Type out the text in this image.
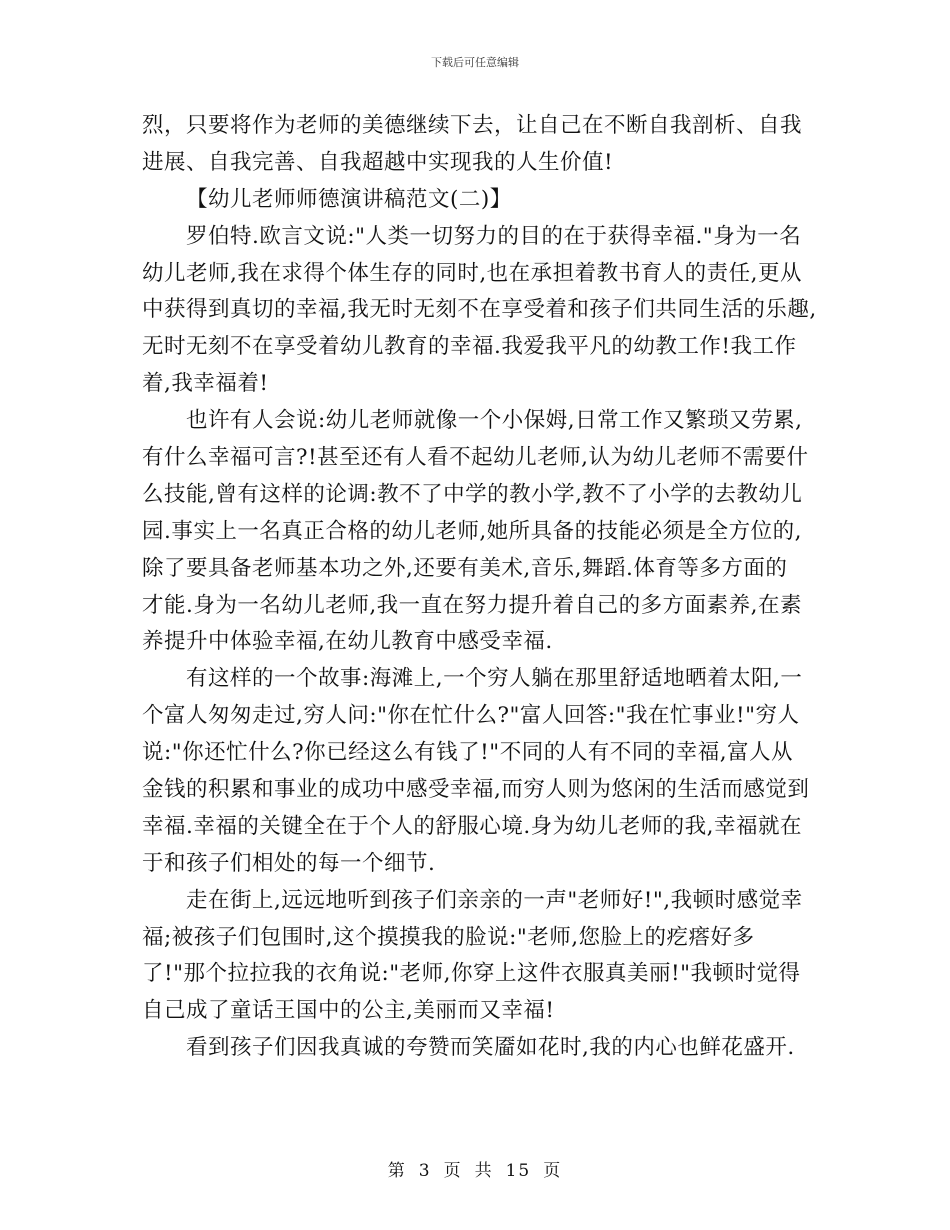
下载后可任意编辑
烈，只要将作为老师的美德继续下去，让自己在不断自我剖析、自我
进展、自我完善、自我超越中实现我的人生价值!
【幼儿老师师德演讲稿范文(二)】
罗伯特.欧言文说:"人类一切努力的目的在于获得幸福."身为一名
幼儿老师,我在求得个体生存的同时,也在承担着教书育人的责任,更从
中获得到真切的幸福,我无时无刻不在享受着和孩子们共同生活的乐趣,
无时无刻不在享受着幼儿教育的幸福.我爱我平凡的幼教工作!我工作
着,我幸福着!
也许有人会说:幼儿老师就像一个小保姆,日常工作又繁琐又劳累,
有什么幸福可言?!甚至还有人看不起幼儿老师,认为幼儿老师不需要什
么技能,曾有这样的论调:教不了中学的教小学,教不了小学的去教幼儿
园.事实上一名真正合格的幼儿老师,她所具备的技能必须是全方位的,
除了要具备老师基本功之外,还要有美术,音乐,舞蹈.体育等多方面的
才能.身为一名幼儿老师,我一直在努力提升着自己的多方面素养,在素
养提升中体验幸福,在幼儿教育中感受幸福.
有这样的一个故事:海滩上,一个穷人躺在那里舒适地晒着太阳,一
个富人匆匆走过,穷人问:"你在忙什么?"富人回答:"我在忙事业!"穷人
说:"你还忙什么?你已经这么有钱了!"不同的人有不同的幸福,富人从
金钱的积累和事业的成功中感受幸福,而穷人则为悠闲的生活而感觉到
幸福.幸福的关键全在于个人的舒服心境.身为幼儿老师的我,幸福就在
于和孩子们相处的每一个细节.
走在街上,远远地听到孩子们亲亲的一声"老师好!",我顿时感觉幸
福;被孩子们包围时,这个摸摸我的脸说:"老师,您脸上的疙瘩好多
了!"那个拉拉我的衣角说:"老师,你穿上这件衣服真美丽!"我顿时觉得
自己成了童话王国中的公主,美丽而又幸福!
看到孩子们因我真诚的夸赞而笑靥如花时,我的内心也鲜花盛开.
第 3 页 共 15 页
